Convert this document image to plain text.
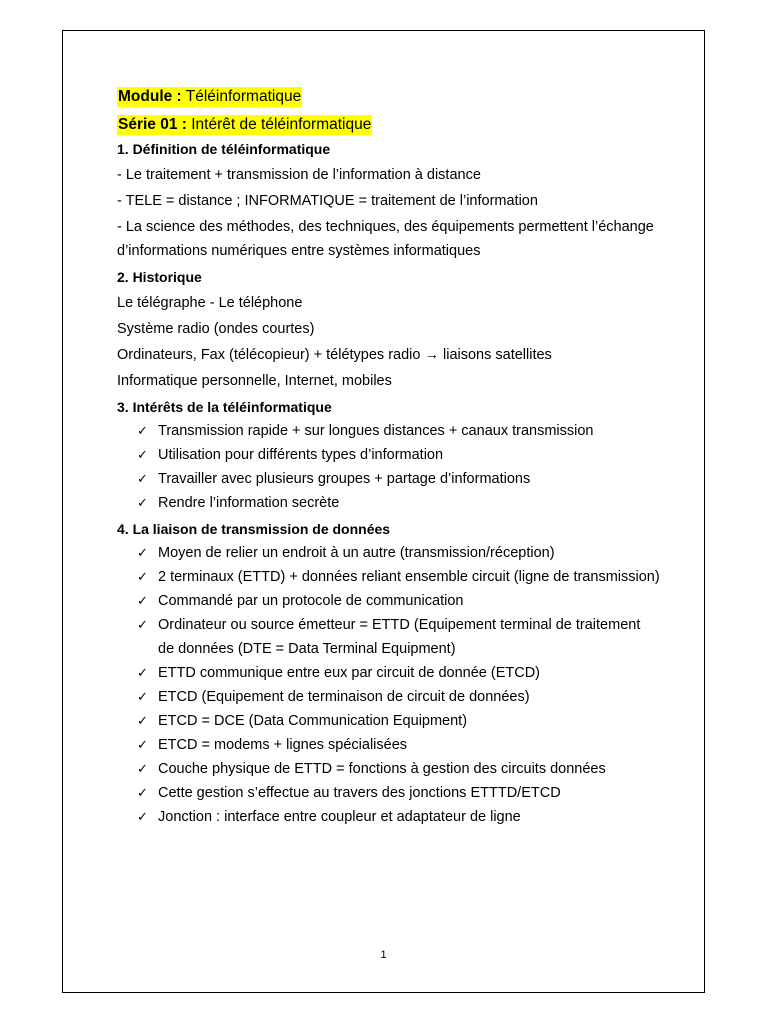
Module : Téléinformatique
Série 01 : Intérêt de téléinformatique
1. Définition de téléinformatique
- Le traitement + transmission de l’information à distance
- TELE = distance ; INFORMATIQUE = traitement de l’information
- La science des méthodes, des techniques, des équipements permettent l’échange
d’informations numériques entre systèmes informatiques
2. Historique
Le télégraphe - Le téléphone
Système radio (ondes courtes)
Ordinateurs, Fax (télécopieur) + télétypes radio → liaisons satellites
Informatique personnelle, Internet, mobiles
3. Intérêts de la téléinformatique
✓ Transmission rapide + sur longues distances + canaux transmission
✓ Utilisation pour différents types d’information
✓ Travailler avec plusieurs groupes + partage d’informations
✓ Rendre l’information secrète
4. La liaison de transmission de données
✓ Moyen de relier un endroit à un autre (transmission/réception)
✓ 2 terminaux (ETTD) + données reliant ensemble circuit (ligne de transmission)
✓ Commandé par un protocole de communication
✓ Ordinateur ou source émetteur = ETTD (Equipement terminal de traitement
de données (DTE = Data Terminal Equipment)
✓ ETTD communique entre eux par circuit de donnée (ETCD)
✓ ETCD (Equipement de terminaison de circuit de données)
✓ ETCD = DCE (Data Communication Equipment)
✓ ETCD = modems + lignes spécialisées
✓ Couche physique de ETTD = fonctions à gestion des circuits données
✓ Cette gestion s’effectue au travers des jonctions ETTTD/ETCD
✓ Jonction : interface entre coupleur et adaptateur de ligne
1
